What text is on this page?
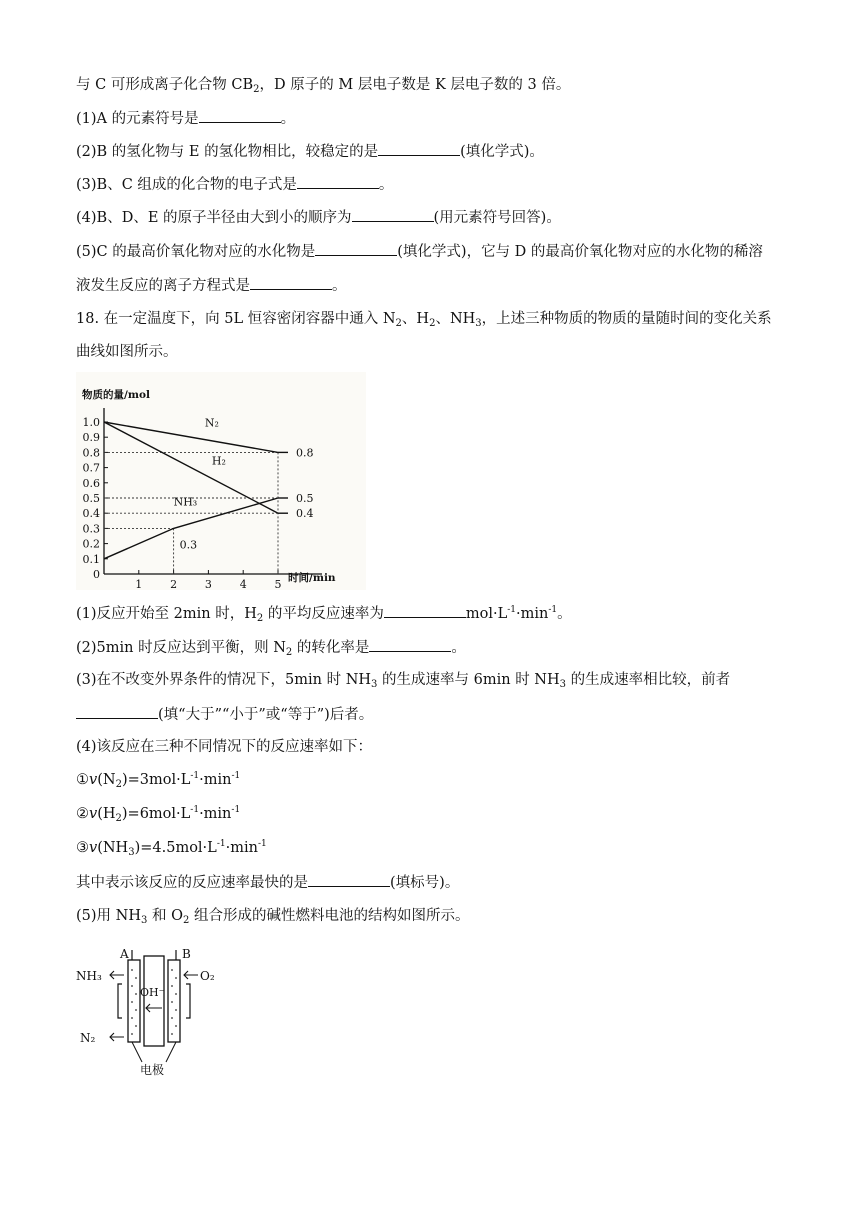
与 C 可形成离子化合物 $CB_2$，D 原子的 M 层电子数是 K 层电子数的 3 倍。
(1)A 的元素符号是	。
(2)B 的氢化物与 E 的氢化物相比，较稳定的是	(填化学式)。
(3)B、C 组成的化合物的电子式是	。
(4)B、D、E 的原子半径由大到小的顺序为	(用元素符号回答)。
(5)C 的最高价氧化物对应的水化物是	(填化学式)，它与 D 的最高价氧化物对应的水化物的稀溶
液发生反应的离子方程式是	。
18. 在一定温度下，向 5L 恒容密闭容器中通入 $N_2$、$H_2$、$NH_3$，上述三种物质的物质的量随时间的变化关系
曲线如图所示。
物质的量/mol
时间/min
0
0.1
0.2
0.3
0.4
0.5
0.6
0.7
0.8
0.9
1.0
1	2	3	4	5
N₂
H₂
NH₃
0.8
0.5
0.4
0.3
(1)反应开始至 2min 时，$H_2$ 的平均反应速率为	$mol\cdot L^{-1}\cdot\min^{-1}$。
(2)5min 时反应达到平衡，则 $N_2$ 的转化率是	。
(3)在不改变外界条件的情况下，5min 时 $NH_3$ 的生成速率与 6min 时 $NH_3$ 的生成速率相比较，前者
(填“大于”“小于”或“等于”)后者。
(4)该反应在三种不同情况下的反应速率如下：
$①v(N_2)=3mol\cdot L^{-1}\cdot\min^{-1}$
$②v(H_2)=6mol\cdot L^{-1}\cdot\min^{-1}$
$③v(NH_3)=4.5mol\cdot L^{-1}\cdot\min^{-1}$
其中表示该反应的反应速率最快的是	(填标号)。
(5)用 $NH_3$ 和 $O_2$ 组合形成的碱性燃料电池的结构如图所示。
A	B
NH₃	O₂
N₂
OH⁻
电极
